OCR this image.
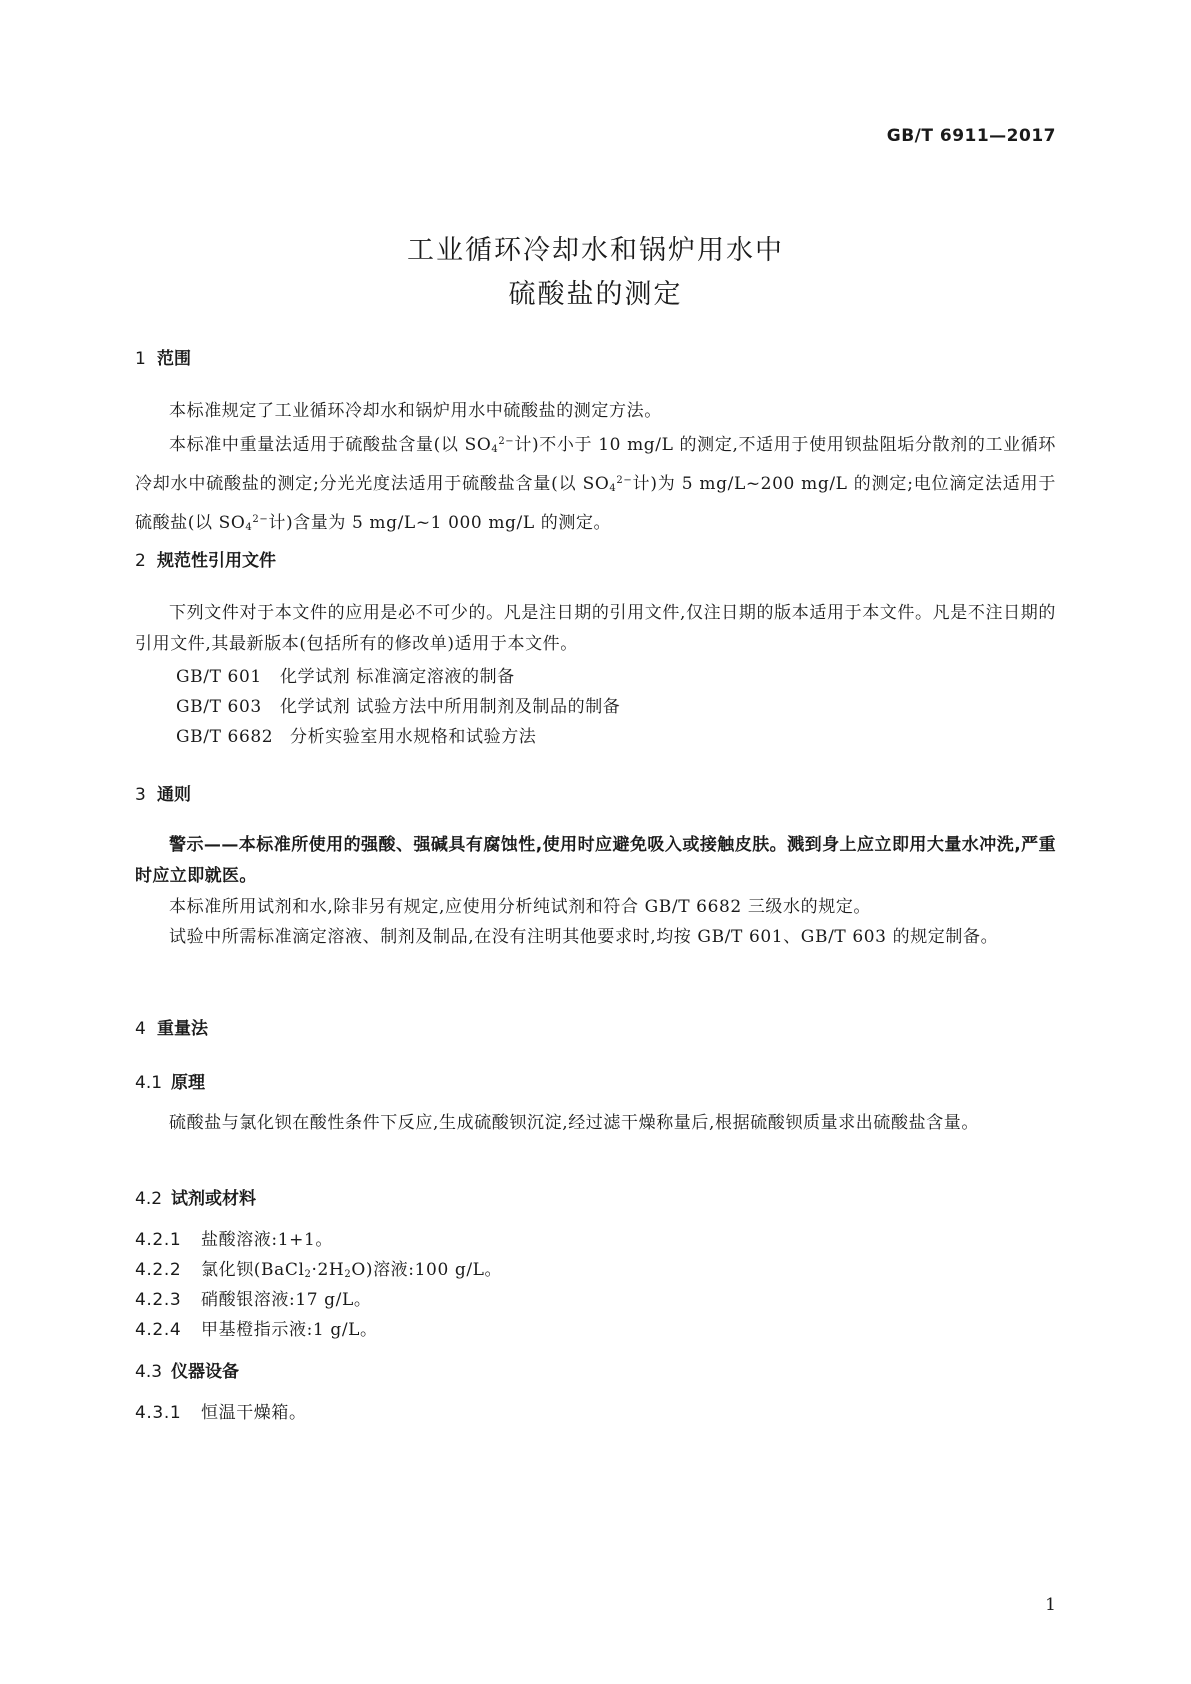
GB/T 6911—2017
工业循环冷却水和锅炉用水中
硫酸盐的测定
1 范围
本标准规定了工业循环冷却水和锅炉用水中硫酸盐的测定方法。
本标准中重量法适用于硫酸盐含量(以 $SO_4^{2-}$计)不小于 10 mg/L 的测定,不适用于使用钡盐阻垢分散剂的工业循环冷却水中硫酸盐的测定;分光光度法适用于硫酸盐含量(以 $SO_4^{2-}$计)为 5 mg/L~200 mg/L 的测定;电位滴定法适用于硫酸盐(以 $SO_4^{2-}$计)含量为 5 mg/L~1 000 mg/L 的测定。
2 规范性引用文件
下列文件对于本文件的应用是必不可少的。凡是注日期的引用文件,仅注日期的版本适用于本文件。凡是不注日期的引用文件,其最新版本(包括所有的修改单)适用于本文件。
GB/T 601 化学试剂 标准滴定溶液的制备
GB/T 603 化学试剂 试验方法中所用制剂及制品的制备
GB/T 6682 分析实验室用水规格和试验方法
3 通则
警示——本标准所使用的强酸、强碱具有腐蚀性,使用时应避免吸入或接触皮肤。溅到身上应立即用大量水冲洗,严重时应立即就医。
本标准所用试剂和水,除非另有规定,应使用分析纯试剂和符合 GB/T 6682 三级水的规定。
试验中所需标准滴定溶液、制剂及制品,在没有注明其他要求时,均按 GB/T 601、GB/T 603 的规定制备。
4 重量法
4.1 原理
硫酸盐与氯化钡在酸性条件下反应,生成硫酸钡沉淀,经过滤干燥称量后,根据硫酸钡质量求出硫酸盐含量。
4.2 试剂或材料
4.2.1 盐酸溶液:1+1。
4.2.2 氯化钡$(BaCl_2\cdot 2H_2O)$溶液:100 g/L。
4.2.3 硝酸银溶液:17 g/L。
4.2.4 甲基橙指示液:1 g/L。
4.3 仪器设备
4.3.1 恒温干燥箱。
1
